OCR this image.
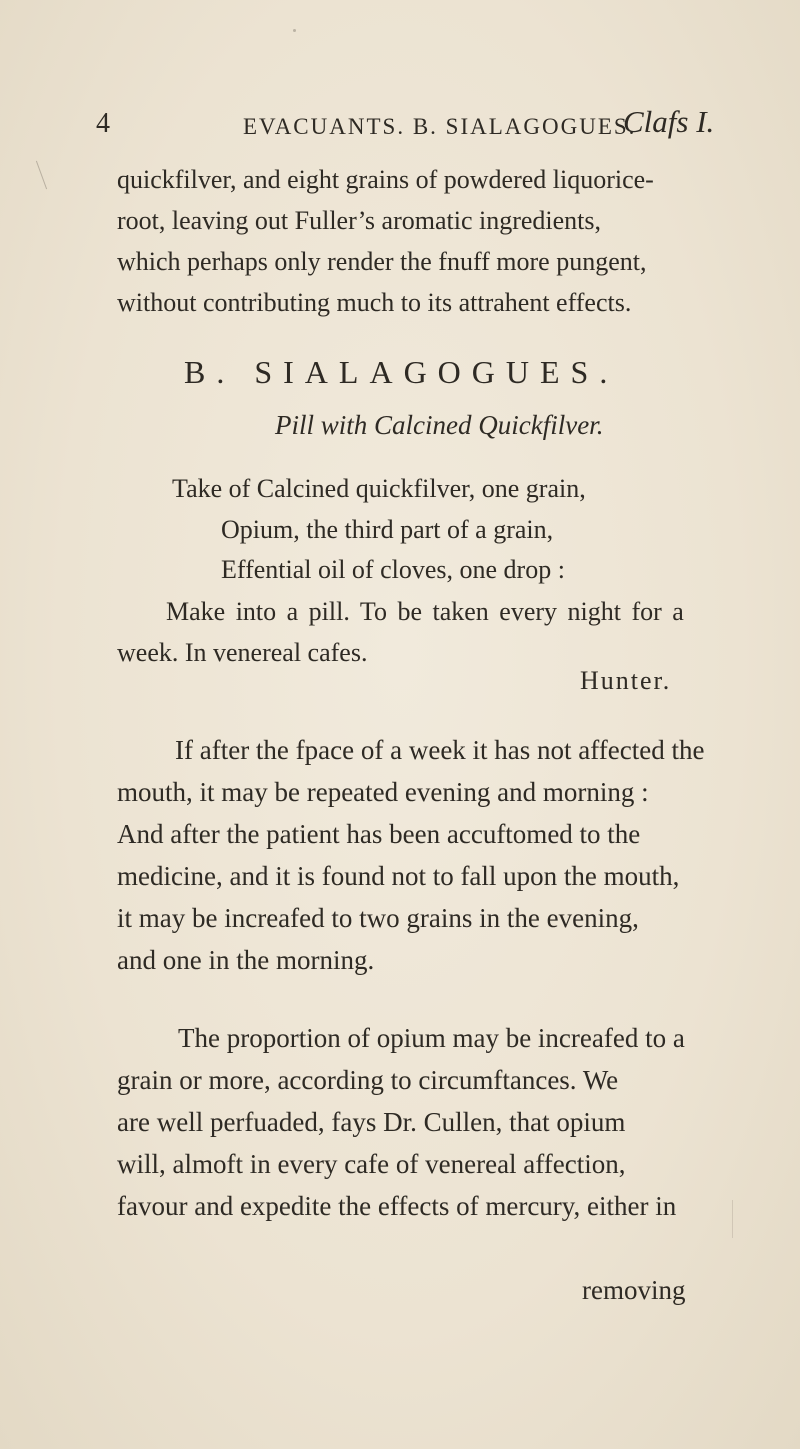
4	EVACUANTS. B. SIALAGOGUES.
Clafs I.
quickfilver, and eight grains of powdered liquorice-
root, leaving out Fuller’s aromatic ingredients,
which perhaps only render the fnuff more pungent,
without contributing much to its attrahent effects.
B. SIALAGOGUES.
Pill with Calcined Quickfilver.
Take of Calcined quickfilver, one grain,
Opium, the third part of a grain,
Effential oil of cloves, one drop :
Make into a pill. To be taken every night for a
week. In venereal cafes.
Hunter.
If after the fpace of a week it has not affected the
mouth, it may be repeated evening and morning :
And after the patient has been accuftomed to the
medicine, and it is found not to fall upon the mouth,
it may be increafed to two grains in the evening,
and one in the morning.
The proportion of opium may be increafed to a
grain or more, according to circumftances. We
are well perfuaded, fays Dr. Cullen, that opium
will, almoft in every cafe of venereal affection,
favour and expedite the effects of mercury, either in
removing
